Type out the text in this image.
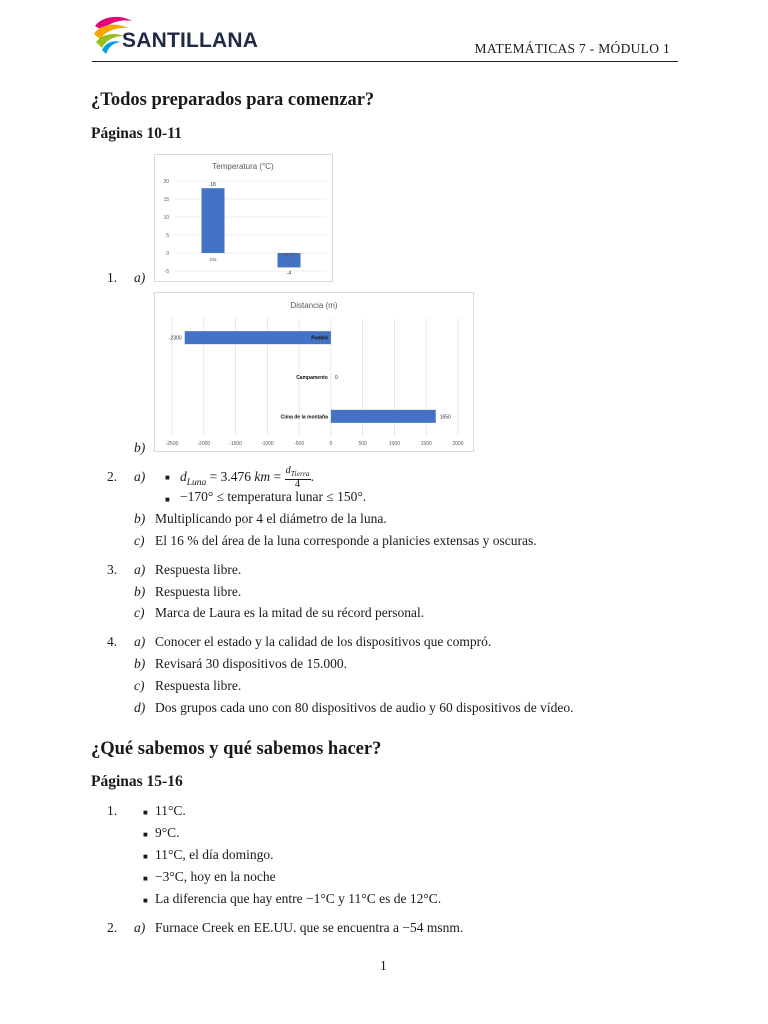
SANTILLANA	MATEMÁTICAS 7 - MÓDULO 1
¿Todos preparados para comenzar?
Páginas 10-11
Temperatura (°C)
20
15
10
5
0
-5
18
Día
-4
Noche
1. a)
Distancia (m)
-2500	-2000	-1500	-1000	-500	0	500	1000	1500	2000
Pueblo
-2300
Campamento 0
Cima de la montaña	1650
b)
2. a) ■ $d_{Luna} = 3.476$ km = $d_{Tierra}$
4
.
■ −170° ≤ temperatura lunar ≤ 150°.
b) Multiplicando por 4 el diámetro de la luna.
c) El 16 % del área de la luna corresponde a planicies extensas y oscuras.
3. a) Respuesta libre.
b) Respuesta libre.
c) Marca de Laura es la mitad de su récord personal.
4. a) Conocer el estado y la calidad de los dispositivos que compró.
b) Revisará 30 dispositivos de 15.000.
c) Respuesta libre.
d) Dos grupos cada uno con 80 dispositivos de audio y 60 dispositivos de vídeo.
¿Qué sabemos y qué sabemos hacer?
Páginas 15-16
1.	■ 11°C.
■ 9°C.
■ 11°C, el día domingo.
■ −3°C, hoy en la noche
■ La diferencia que hay entre −1°C y 11°C es de 12°C.
2. a) Furnace Creek en EE.UU. que se encuentra a −54 msnm.
1
